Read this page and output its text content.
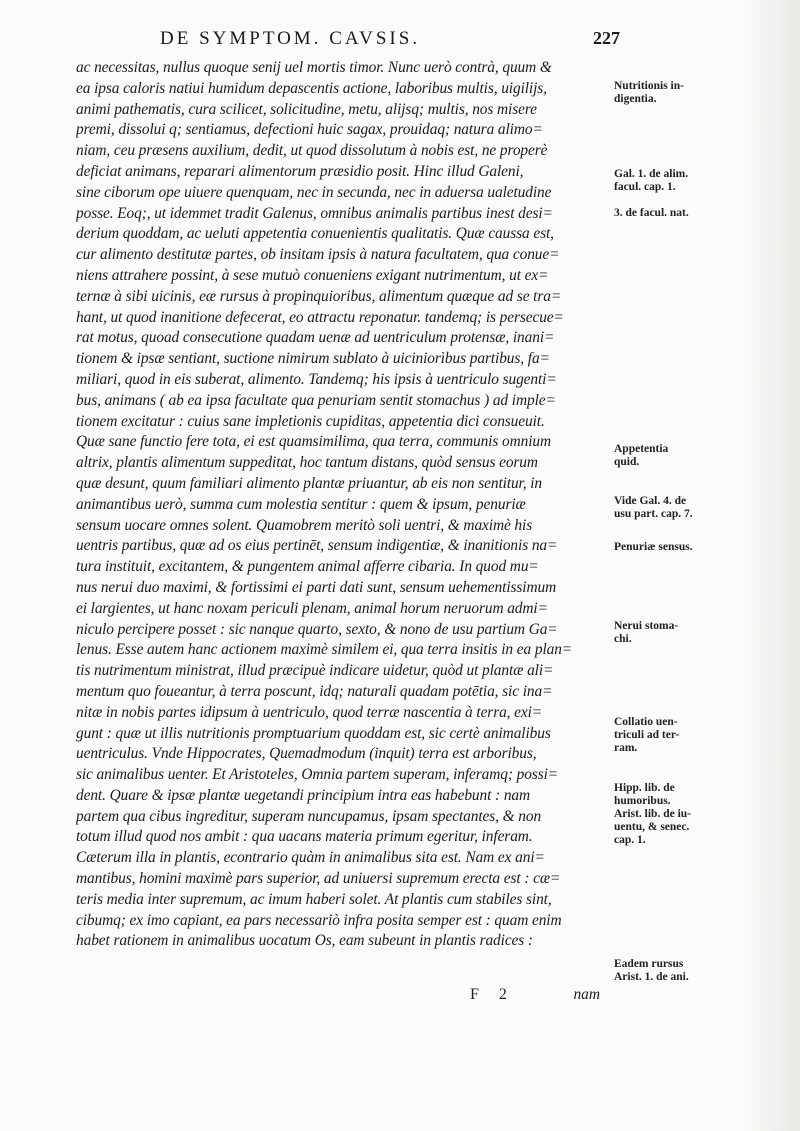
DE SYMPTOM. CAVSIS.	227
ac necessitas, nullus quoque senij uel mortis timor. Nunc uerò contrà, quum &
ea ipsa caloris natiui humidum depascentis actione, laboribus multis, uigilijs,
animi pathematis, cura scilicet, solicitudine, metu, alijsq; multis, nos misere
premi, dissolui q; sentiamus, defectioni huic sagax, prouidaq; natura alimo=
niam, ceu præsens auxilium, dedit, ut quod dissolutum à nobis est, ne properè
deficiat animans, reparari alimentorum præsidio posit. Hinc illud Galeni,
sine ciborum ope uiuere quenquam, nec in secunda, nec in aduersa ualetudine
posse. Eoq;, ut idemmet tradit Galenus, omnibus animalis partibus inest desi=
derium quoddam, ac ueluti appetentia conuenientis qualitatis. Quæ caussa est,
cur alimento destitutæ partes, ob insitam ipsis à natura facultatem, qua conue=
niens attrahere possint, à sese mutuò conueniens exigant nutrimentum, ut ex=
ternæ à sibi uicinis, eæ rursus à propinquioribus, alimentum quæque ad se tra=
hant, ut quod inanitione defecerat, eo attractu reponatur. tandemq; is persecue=
rat motus, quoad consecutione quadam uenæ ad uentriculum protensæ, inani=
tionem & ipsæ sentiant, suctione nimirum sublato à uiciniorìbus partibus, fa=
miliari, quod in eis suberat, alimento. Tandemq; his ipsis à uentriculo sugenti=
bus, animans ( ab ea ipsa facultate qua penuriam sentit stomachus ) ad imple=
tionem excitatur : cuius sane impletionis cupiditas, appetentia dici consueuit.
Quæ sane functio fere tota, ei est quamsimilima, qua terra, communis omnium
altrix, plantis alimentum suppeditat, hoc tantum distans, quòd sensus eorum
quæ desunt, quum familiari alimento plantæ priuantur, ab eis non sentitur, in
animantibus uerò, summa cum molestia sentitur : quem & ipsum, penuriæ
sensum uocare omnes solent. Quamobrem meritò soli uentri, & maximè his
uentris partibus, quæ ad os eius pertinēt, sensum indigentiæ, & inanitionis na=
tura instituit, excitantem, & pungentem animal afferre cibaria. In quod mu=
nus nerui duo maximi, & fortissimi ei parti dati sunt, sensum uehementissimum
ei largientes, ut hanc noxam periculi plenam, animal horum neruorum admi=
niculo percipere posset : sic nanque quarto, sexto, & nono de usu partium Ga=
lenus. Esse autem hanc actionem maximè similem ei, qua terra insitis in ea plan=
tis nutrimentum ministrat, illud præcipuè indicare uidetur, quòd ut plantæ ali=
mentum quo foueantur, à terra poscunt, idq; naturali quadam potētia, sic ina=
nitæ in nobis partes idipsum à uentriculo, quod terræ nascentia à terra, exi=
gunt : quæ ut illis nutritionis promptuarium quoddam est, sic certè animalibus
uentriculus. Vnde Hippocrates, Quemadmodum (inquit) terra est arboribus,
sic animalibus uenter. Et Aristoteles, Omnia partem superam, inferamq; possi=
dent. Quare & ipsæ plantæ uegetandi principium intra eas habebunt : nam
partem qua cibus ingreditur, superam nuncupamus, ipsam spectantes, & non
totum illud quod nos ambit : qua uacans materia primum egeritur, inferam.
Cæterum illa in plantis, econtrario quàm in animalibus sita est. Nam ex ani=
mantibus, homini maximè pars superior, ad uniuersi supremum erecta est : cæ=
teris media inter supremum, ac imum haberi solet. At plantis cum stabiles sint,
cibumq; ex imo capiant, ea pars necessariò infra posita semper est : quam enim
habet rationem in animalibus uocatum Os, eam subeunt in plantis radices :
Nutritionis in-
digentia.
Gal. 1. de alim.
facul. cap. 1.
3. de facul. nat.
Appetentia
quid.
Vide Gal. 4. de
usu part. cap. 7.
Penuriæ sensus.
Nerui stoma-
chi.
Collatio uen-
triculi ad ter-
ram.
Hipp. lib. de
humoribus.
Arist. lib. de iu-
uentu, & senec.
cap. 1.
Eadem rursus
Arist. 1. de ani.
F 2	nam
